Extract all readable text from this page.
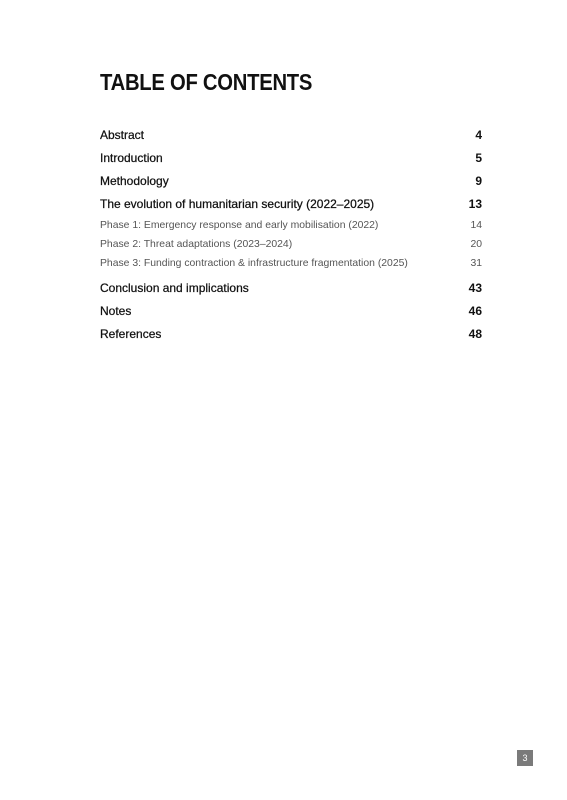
TABLE OF CONTENTS
Abstract	4
Introduction	5
Methodology	9
The evolution of humanitarian security (2022–2025)	13
Phase 1: Emergency response and early mobilisation (2022)	14
Phase 2: Threat adaptations (2023–2024)	20
Phase 3: Funding contraction & infrastructure fragmentation (2025)	31
Conclusion and implications	43
Notes	46
References	48
3
